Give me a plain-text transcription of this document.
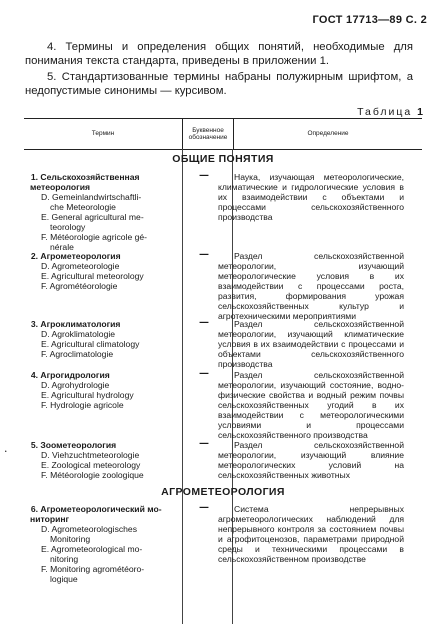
ГОСТ 17713—89 С. 2
4. Термины и определения общих понятий, необходимые для понимания текста стандарта, приведены в приложении 1.
5. Стандартизованные термины набраны полужирным шрифтом, а недопустимые синонимы — курсивом.
Таблица 1
Термин	Буквенное обозначение	Определение
ОБЩИЕ ПОНЯТИЯ
1. Сельскохозяйственная
метеорология
D. Gemeinlandwirtschaftli-
che Meteorologie
E. General agricultural me-
teorology
F. Météorologie agricole gé-
nérale
—	Наука, изучающая метеорологические, климатические и гидрологические условия в их взаимодействии с объектами и процессами сельскохозяйственного производства
2. Агрометеорология
D. Agrometeorologie
E. Agricultural meteorology
F. Agrométéorologie
—	Раздел сельскохозяйственной метеорологии, изучающий метеорологические условия в их взаимодействии с процессами роста, развития, формирования урожая сельскохозяйственных культур и агротехническими мероприятиями
3. Агроклиматология
D. Agroklimatologie
E. Agricultural climatology
F. Agroclimatologie
—	Раздел сельскохозяйственной метеорологии, изучающий климатические условия в их взаимодействии с процессами и объектами сельскохозяйственного производства
4. Агрогидрология
D. Agrohydrologie
E. Agricultural hydrology
F. Hydrologie agricole
—	Раздел сельскохозяйственной метеорологии, изучающий состояние, водно-физические свойства и водный режим почвы сельскохозяйственных угодий в их взаимодействии с метеорологическими условиями и процессами сельскохозяйственного производства
·	5. Зоометеорология
D. Viehzuchtmeteorologie
E. Zoological meteorology
F. Météorologie zoologique
—	Раздел сельскохозяйственной метеорологии, изучающий влияние метеорологических условий на сельскохозяйственных животных
АГРОМЕТЕОРОЛОГИЯ
6. Агрометеорологический мо-
ниторинг
D. Agrometeorologisches
Monitoring
E. Agrometeorological mo-
nitoring
F. Monitoring agrométéoro-
logique
—	Система непрерывных агрометеорологических наблюдений для непрерывного контроля за состоянием почвы и агрофитоценозов, параметрами природной среды и техническими процессами в сельскохозяйственном производстве
